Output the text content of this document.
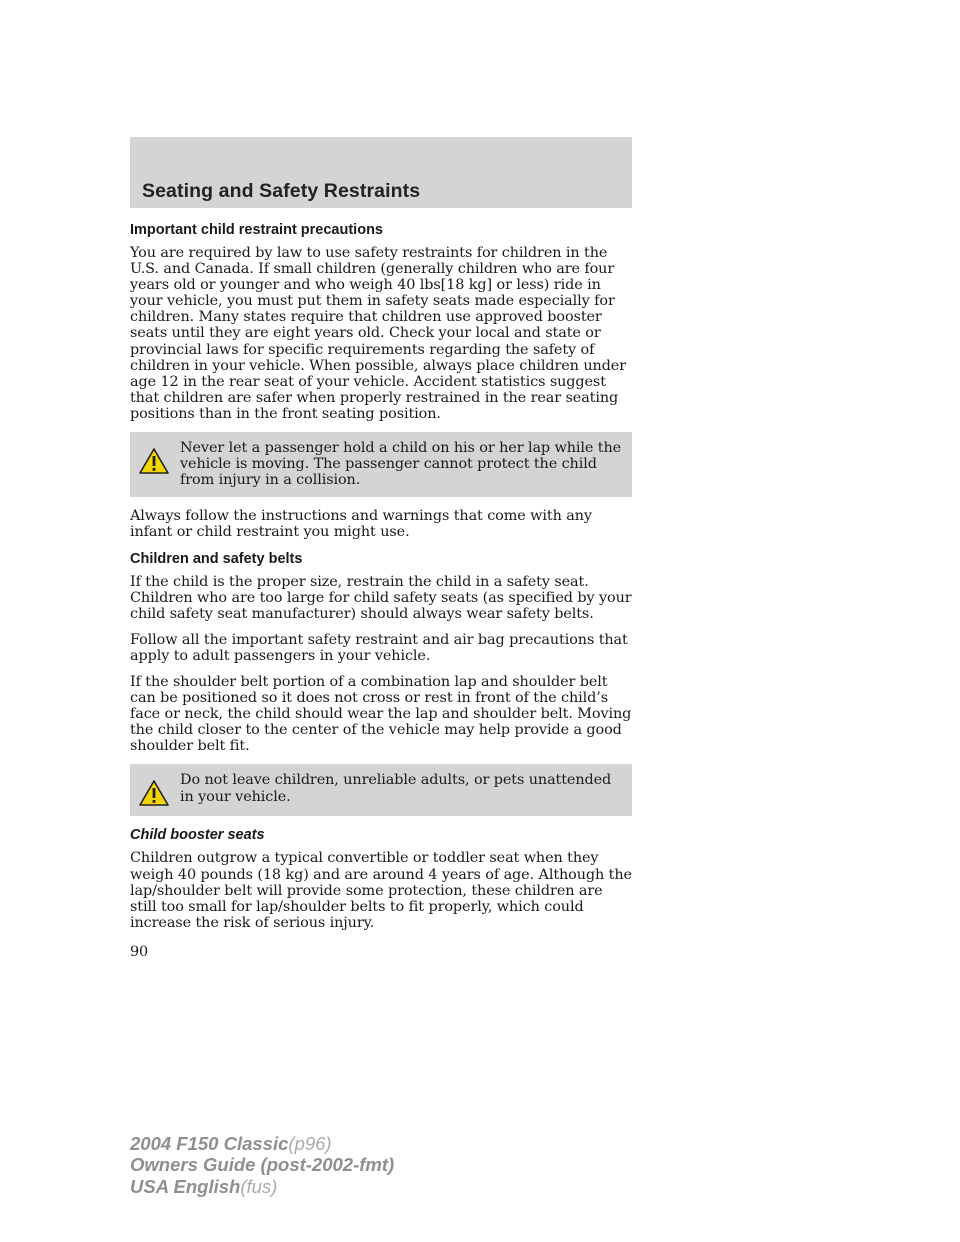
Seating and Safety Restraints
Important child restraint precautions

You are required by law to use safety restraints for children in the U.S. and Canada. If small children (generally children who are four years old or younger and who weigh 40 lbs[18 kg] or less) ride in your vehicle, you must put them in safety seats made especially for children. Many states require that children use approved booster seats until they are eight years old. Check your local and state or provincial laws for specific requirements regarding the safety of children in your vehicle. When possible, always place children under age 12 in the rear seat of your vehicle. Accident statistics suggest that children are safer when properly restrained in the rear seating positions than in the front seating position.

Never let a passenger hold a child on his or her lap while the vehicle is moving. The passenger cannot protect the child from injury in a collision.

Always follow the instructions and warnings that come with any infant or child restraint you might use.

Children and safety belts

If the child is the proper size, restrain the child in a safety seat. Children who are too large for child safety seats (as specified by your child safety seat manufacturer) should always wear safety belts.

Follow all the important safety restraint and air bag precautions that apply to adult passengers in your vehicle.

If the shoulder belt portion of a combination lap and shoulder belt can be positioned so it does not cross or rest in front of the child’s face or neck, the child should wear the lap and shoulder belt. Moving the child closer to the center of the vehicle may help provide a good shoulder belt fit.

Do not leave children, unreliable adults, or pets unattended in your vehicle.

Child booster seats

Children outgrow a typical convertible or toddler seat when they weigh 40 pounds (18 kg) and are around 4 years of age. Although the lap/shoulder belt will provide some protection, these children are still too small for lap/shoulder belts to fit properly, which could increase the risk of serious injury.

90

2004 F150 Classic(p96)
Owners Guide (post-2002-fmt)
USA English(fus)
